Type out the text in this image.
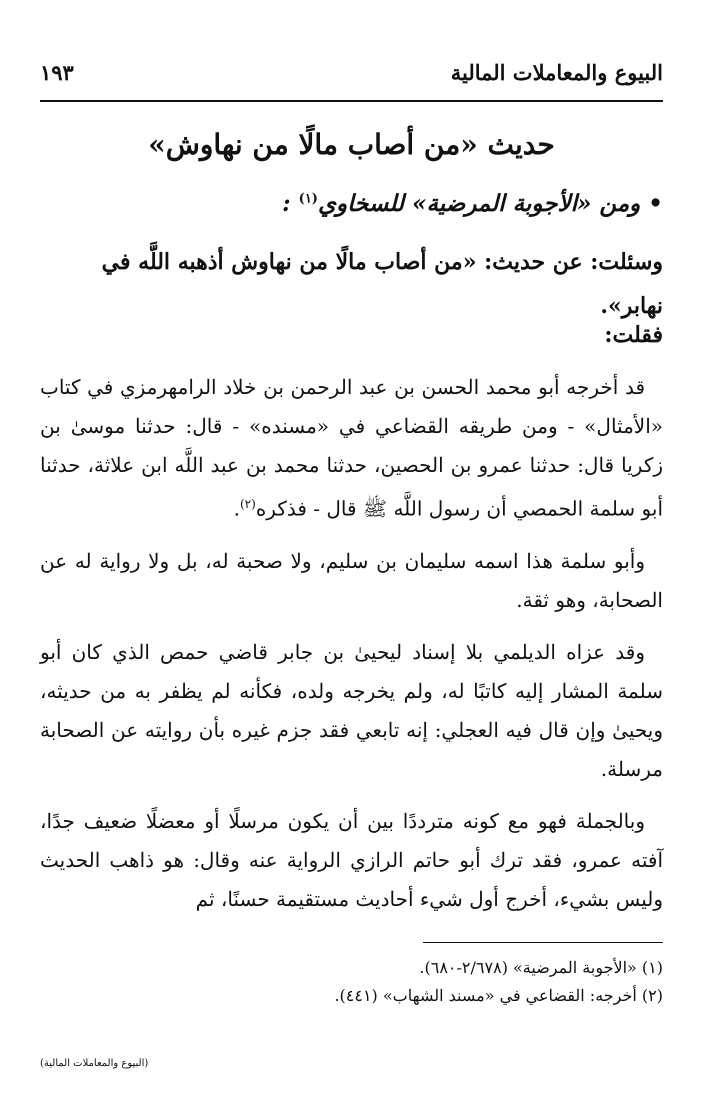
البيوع والمعاملات المالية
١٩٣
حديث «من أصاب مالًا من نهاوش»
• ومن «الأجوبة المرضية» للسخاوي$^{(١)}$ :
وسئلت: عن حديث: «من أصاب مالًا من نهاوش أذهبه اللَّه في نهابر».
فقلت:

قد أخرجه أبو محمد الحسن بن عبد الرحمن بن خلاد الرامهرمزي في كتاب «الأمثال» - ومن طريقه القضاعي في «مسنده» - قال: حدثنا موسىٰ بن زكريا قال: حدثنا عمرو بن الحصين، حدثنا محمد بن عبد اللَّه ابن علاثة، حدثنا أبو سلمة الحمصي أن رسول اللَّه ﷺ قال - فذكره$^{(٢)}$.

وأبو سلمة هذا اسمه سليمان بن سليم، ولا صحبة له، بل ولا رواية له عن الصحابة، وهو ثقة.

وقد عزاه الديلمي بلا إسناد ليحيىٰ بن جابر قاضي حمص الذي كان أبو سلمة المشار إليه كاتبًا له، ولم يخرجه ولده، فكأنه لم يظفر به من حديثه، ويحيىٰ وإن قال فيه العجلي: إنه تابعي فقد جزم غيره بأن روايته عن الصحابة مرسلة.

وبالجملة فهو مع كونه مترددًا بين أن يكون مرسلًا أو معضلًا ضعيف جدًا، آفته عمرو، فقد ترك أبو حاتم الرازي الرواية عنه وقال: هو ذاهب الحديث وليس بشيء، أخرج أول شيء أحاديث مستقيمة حسنًا، ثم

(١) «الأجوبة المرضية» (٢/٦٧٨-٦٨٠).
(٢) أخرجه: القضاعي في «مسند الشهاب» (٤٤١).
(البيوع والمعاملات المالية)
